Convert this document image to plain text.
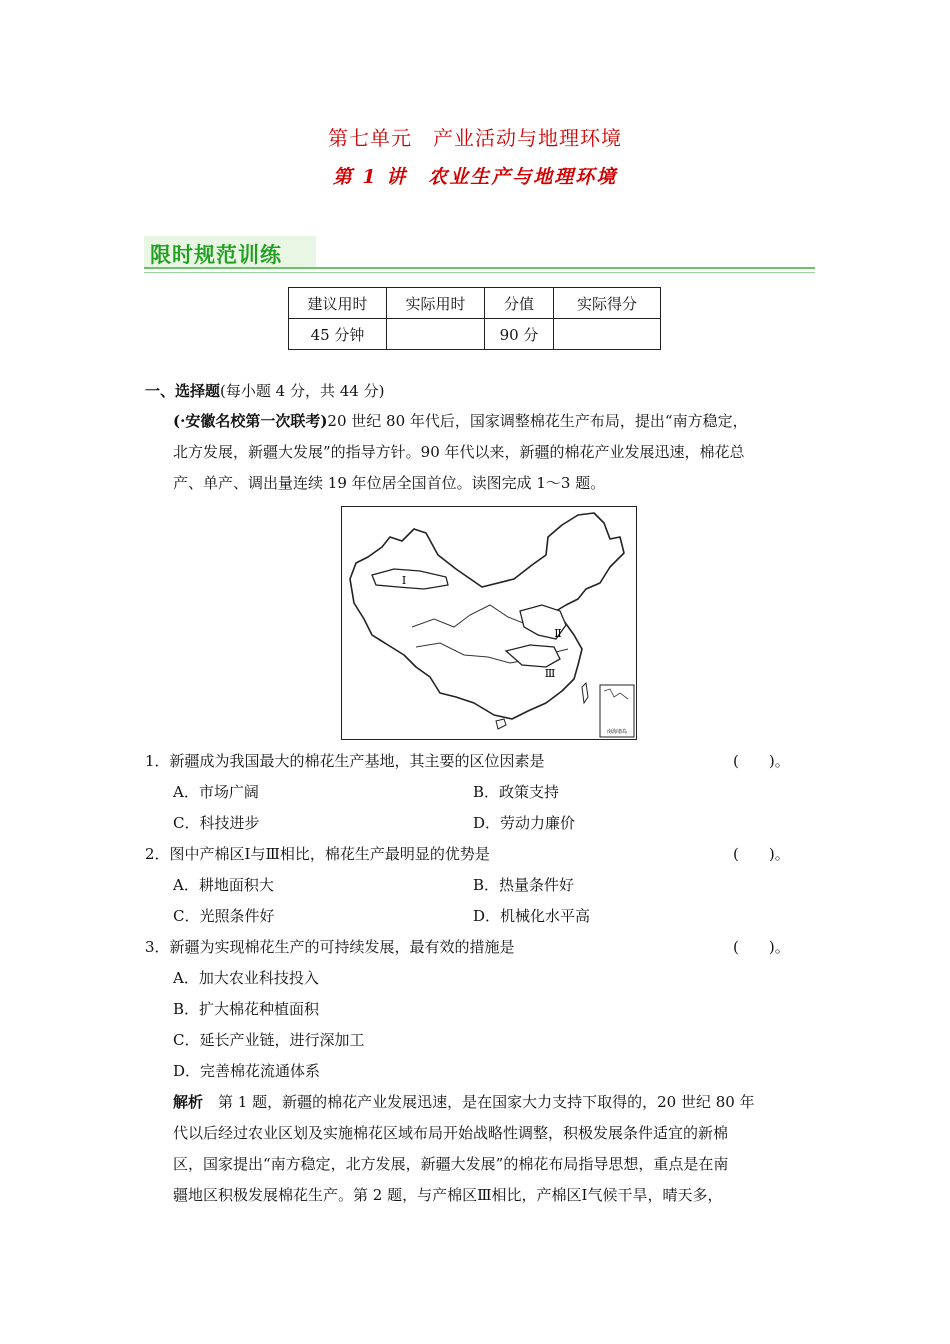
第七单元　产业活动与地理环境
第 1 讲　农业生产与地理环境
限时规范训练
建议用时	实际用时	分值	实际得分
45 分钟		90 分	
一、选择题(每小题 4 分，共 44 分)
(·安徽名校第一次联考)20 世纪 80 年代后，国家调整棉花生产布局，提出“南方稳定，
北方发展，新疆大发展”的指导方针。90 年代以来，新疆的棉花产业发展迅速，棉花总
产、单产、调出量连续 19 年位居全国首位。读图完成 1～3 题。
Ⅰ
Ⅱ
Ⅲ
南海诸岛
1．新疆成为我国最大的棉花生产基地，其主要的区位因素是	(　　)。
A．市场广阔	B．政策支持
C．科技进步	D．劳动力廉价
2．图中产棉区Ⅰ与Ⅲ相比，棉花生产最明显的优势是	(　　)。
A．耕地面积大	B．热量条件好
C．光照条件好	D．机械化水平高
3．新疆为实现棉花生产的可持续发展，最有效的措施是	(　　)。
A．加大农业科技投入
B．扩大棉花种植面积
C．延长产业链，进行深加工
D．完善棉花流通体系
解析　第 1 题，新疆的棉花产业发展迅速，是在国家大力支持下取得的，20 世纪 80 年
代以后经过农业区划及实施棉花区域布局开始战略性调整，积极发展条件适宜的新棉
区，国家提出“南方稳定，北方发展，新疆大发展”的棉花布局指导思想，重点是在南
疆地区积极发展棉花生产。第 2 题，与产棉区Ⅲ相比，产棉区Ⅰ气候干旱，晴天多，
